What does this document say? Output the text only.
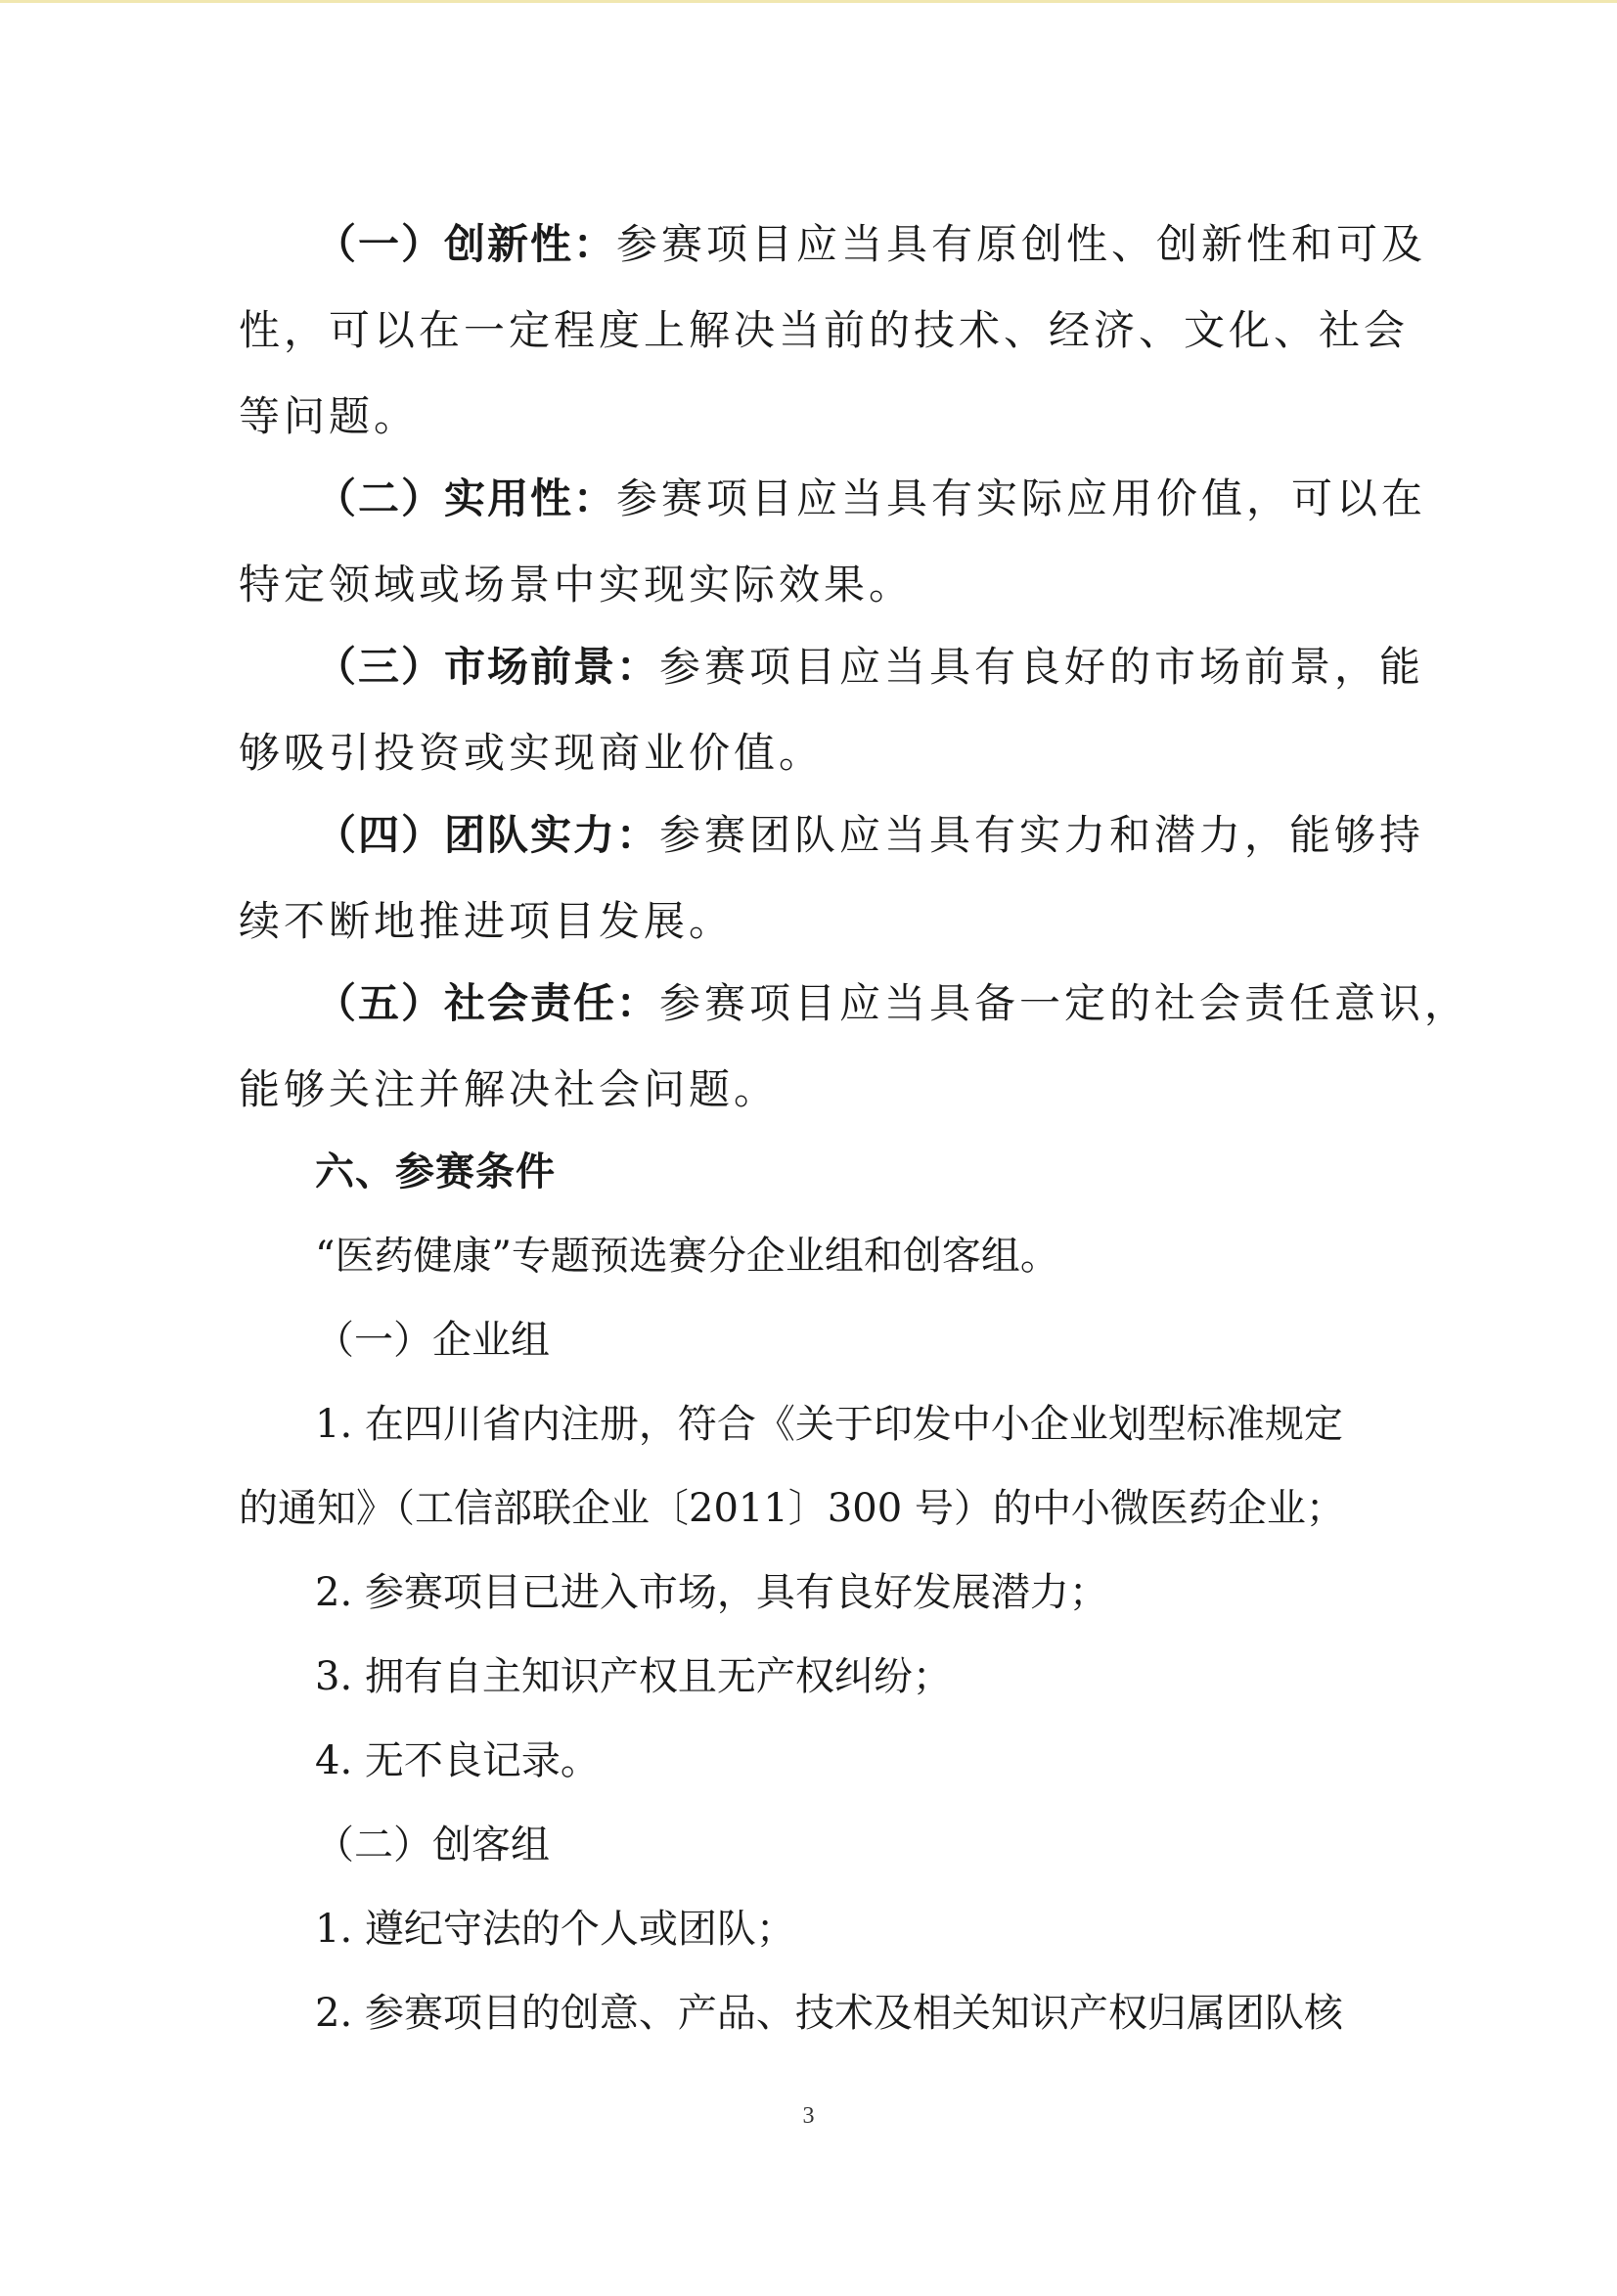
（一）创新性：参赛项目应当具有原创性、创新性和可及
性，可以在一定程度上解决当前的技术、经济、文化、社会
等问题。
（二）实用性：参赛项目应当具有实际应用价值，可以在
特定领域或场景中实现实际效果。
（三）市场前景：参赛项目应当具有良好的市场前景，能
够吸引投资或实现商业价值。
（四）团队实力：参赛团队应当具有实力和潜力，能够持
续不断地推进项目发展。
（五）社会责任：参赛项目应当具备一定的社会责任意识，
能够关注并解决社会问题。
六、参赛条件
“医药健康”专题预选赛分企业组和创客组。
（一）企业组
1. 在四川省内注册，符合《关于印发中小企业划型标准规定
的通知》（工信部联企业〔2011〕300 号）的中小微医药企业；
2. 参赛项目已进入市场，具有良好发展潜力；
3. 拥有自主知识产权且无产权纠纷；
4. 无不良记录。
（二）创客组
1. 遵纪守法的个人或团队；
2. 参赛项目的创意、产品、技术及相关知识产权归属团队核
3
